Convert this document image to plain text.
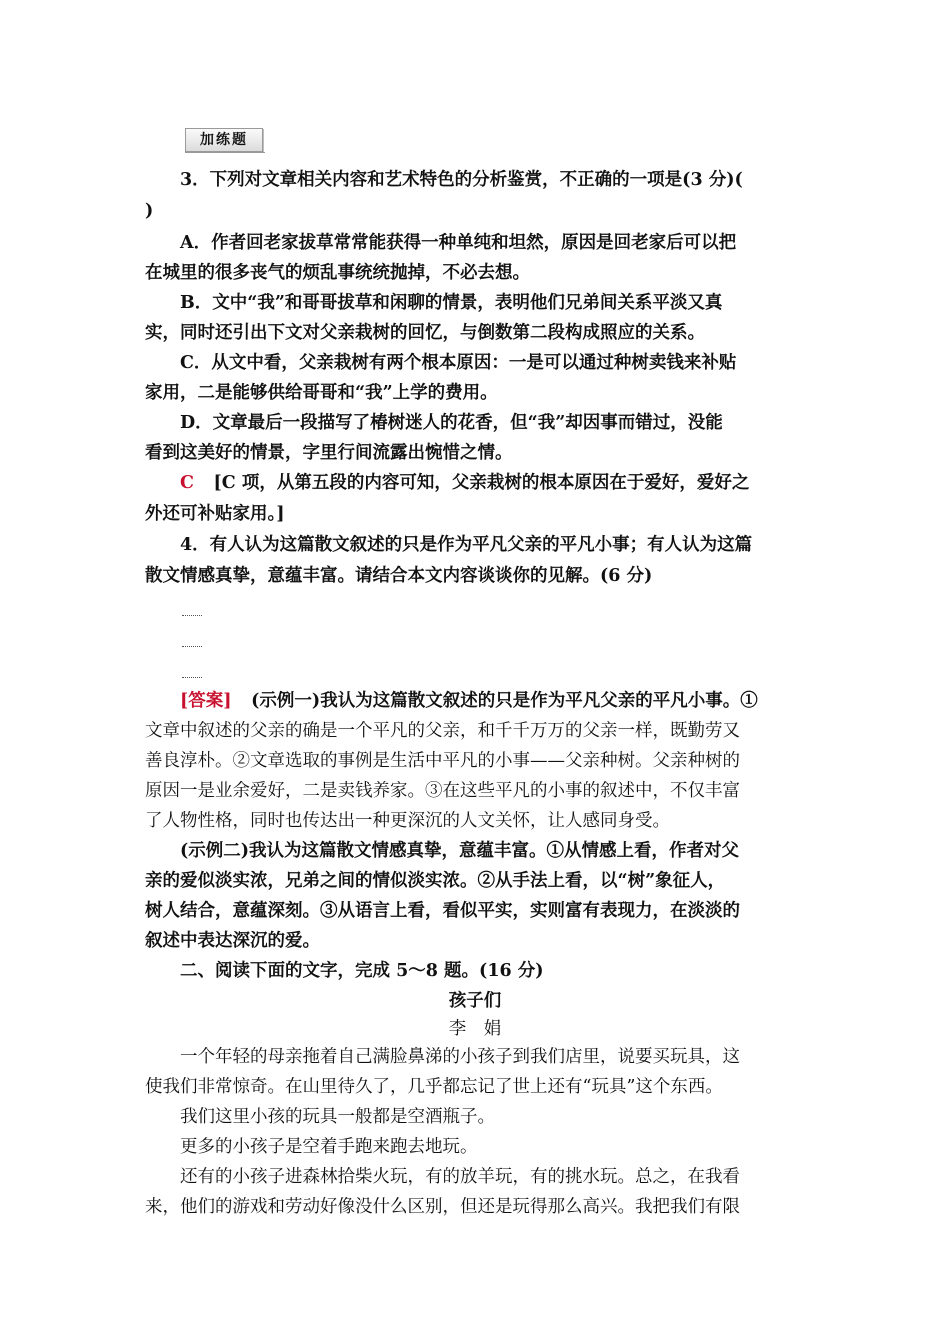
加练题
3．下列对文章相关内容和艺术特色的分析鉴赏，不正确的一项是(3 分)(
)
A．作者回老家拔草常常能获得一种单纯和坦然，原因是回老家后可以把
在城里的很多丧气的烦乱事统统抛掉，不必去想。
B．文中“我”和哥哥拔草和闲聊的情景，表明他们兄弟间关系平淡又真
实，同时还引出下文对父亲栽树的回忆，与倒数第二段构成照应的关系。
C．从文中看，父亲栽树有两个根本原因：一是可以通过种树卖钱来补贴
家用，二是能够供给哥哥和“我”上学的费用。
D．文章最后一段描写了椿树迷人的花香，但“我”却因事而错过，没能
看到这美好的情景，字里行间流露出惋惜之情。
C [C 项，从第五段的内容可知，父亲栽树的根本原因在于爱好，爱好之
外还可补贴家用。]
4．有人认为这篇散文叙述的只是作为平凡父亲的平凡小事；有人认为这篇
散文情感真挚，意蕴丰富。请结合本文内容谈谈你的见解。(6 分)
[答案] (示例一)我认为这篇散文叙述的只是作为平凡父亲的平凡小事。①
文章中叙述的父亲的确是一个平凡的父亲，和千千万万的父亲一样，既勤劳又
善良淳朴。②文章选取的事例是生活中平凡的小事——父亲种树。父亲种树的
原因一是业余爱好，二是卖钱养家。③在这些平凡的小事的叙述中，不仅丰富
了人物性格，同时也传达出一种更深沉的人文关怀，让人感同身受。
(示例二)我认为这篇散文情感真挚，意蕴丰富。①从情感上看，作者对父
亲的爱似淡实浓，兄弟之间的情似淡实浓。②从手法上看，以“树”象征人，
树人结合，意蕴深刻。③从语言上看，看似平实，实则富有表现力，在淡淡的
叙述中表达深沉的爱。
二、阅读下面的文字，完成 5～8 题。(16 分)
孩子们
李　娟
一个年轻的母亲拖着自己满脸鼻涕的小孩子到我们店里，说要买玩具，这
使我们非常惊奇。在山里待久了，几乎都忘记了世上还有“玩具”这个东西。
我们这里小孩的玩具一般都是空酒瓶子。
更多的小孩子是空着手跑来跑去地玩。
还有的小孩子进森林拾柴火玩，有的放羊玩，有的挑水玩。总之，在我看
来，他们的游戏和劳动好像没什么区别，但还是玩得那么高兴。我把我们有限
